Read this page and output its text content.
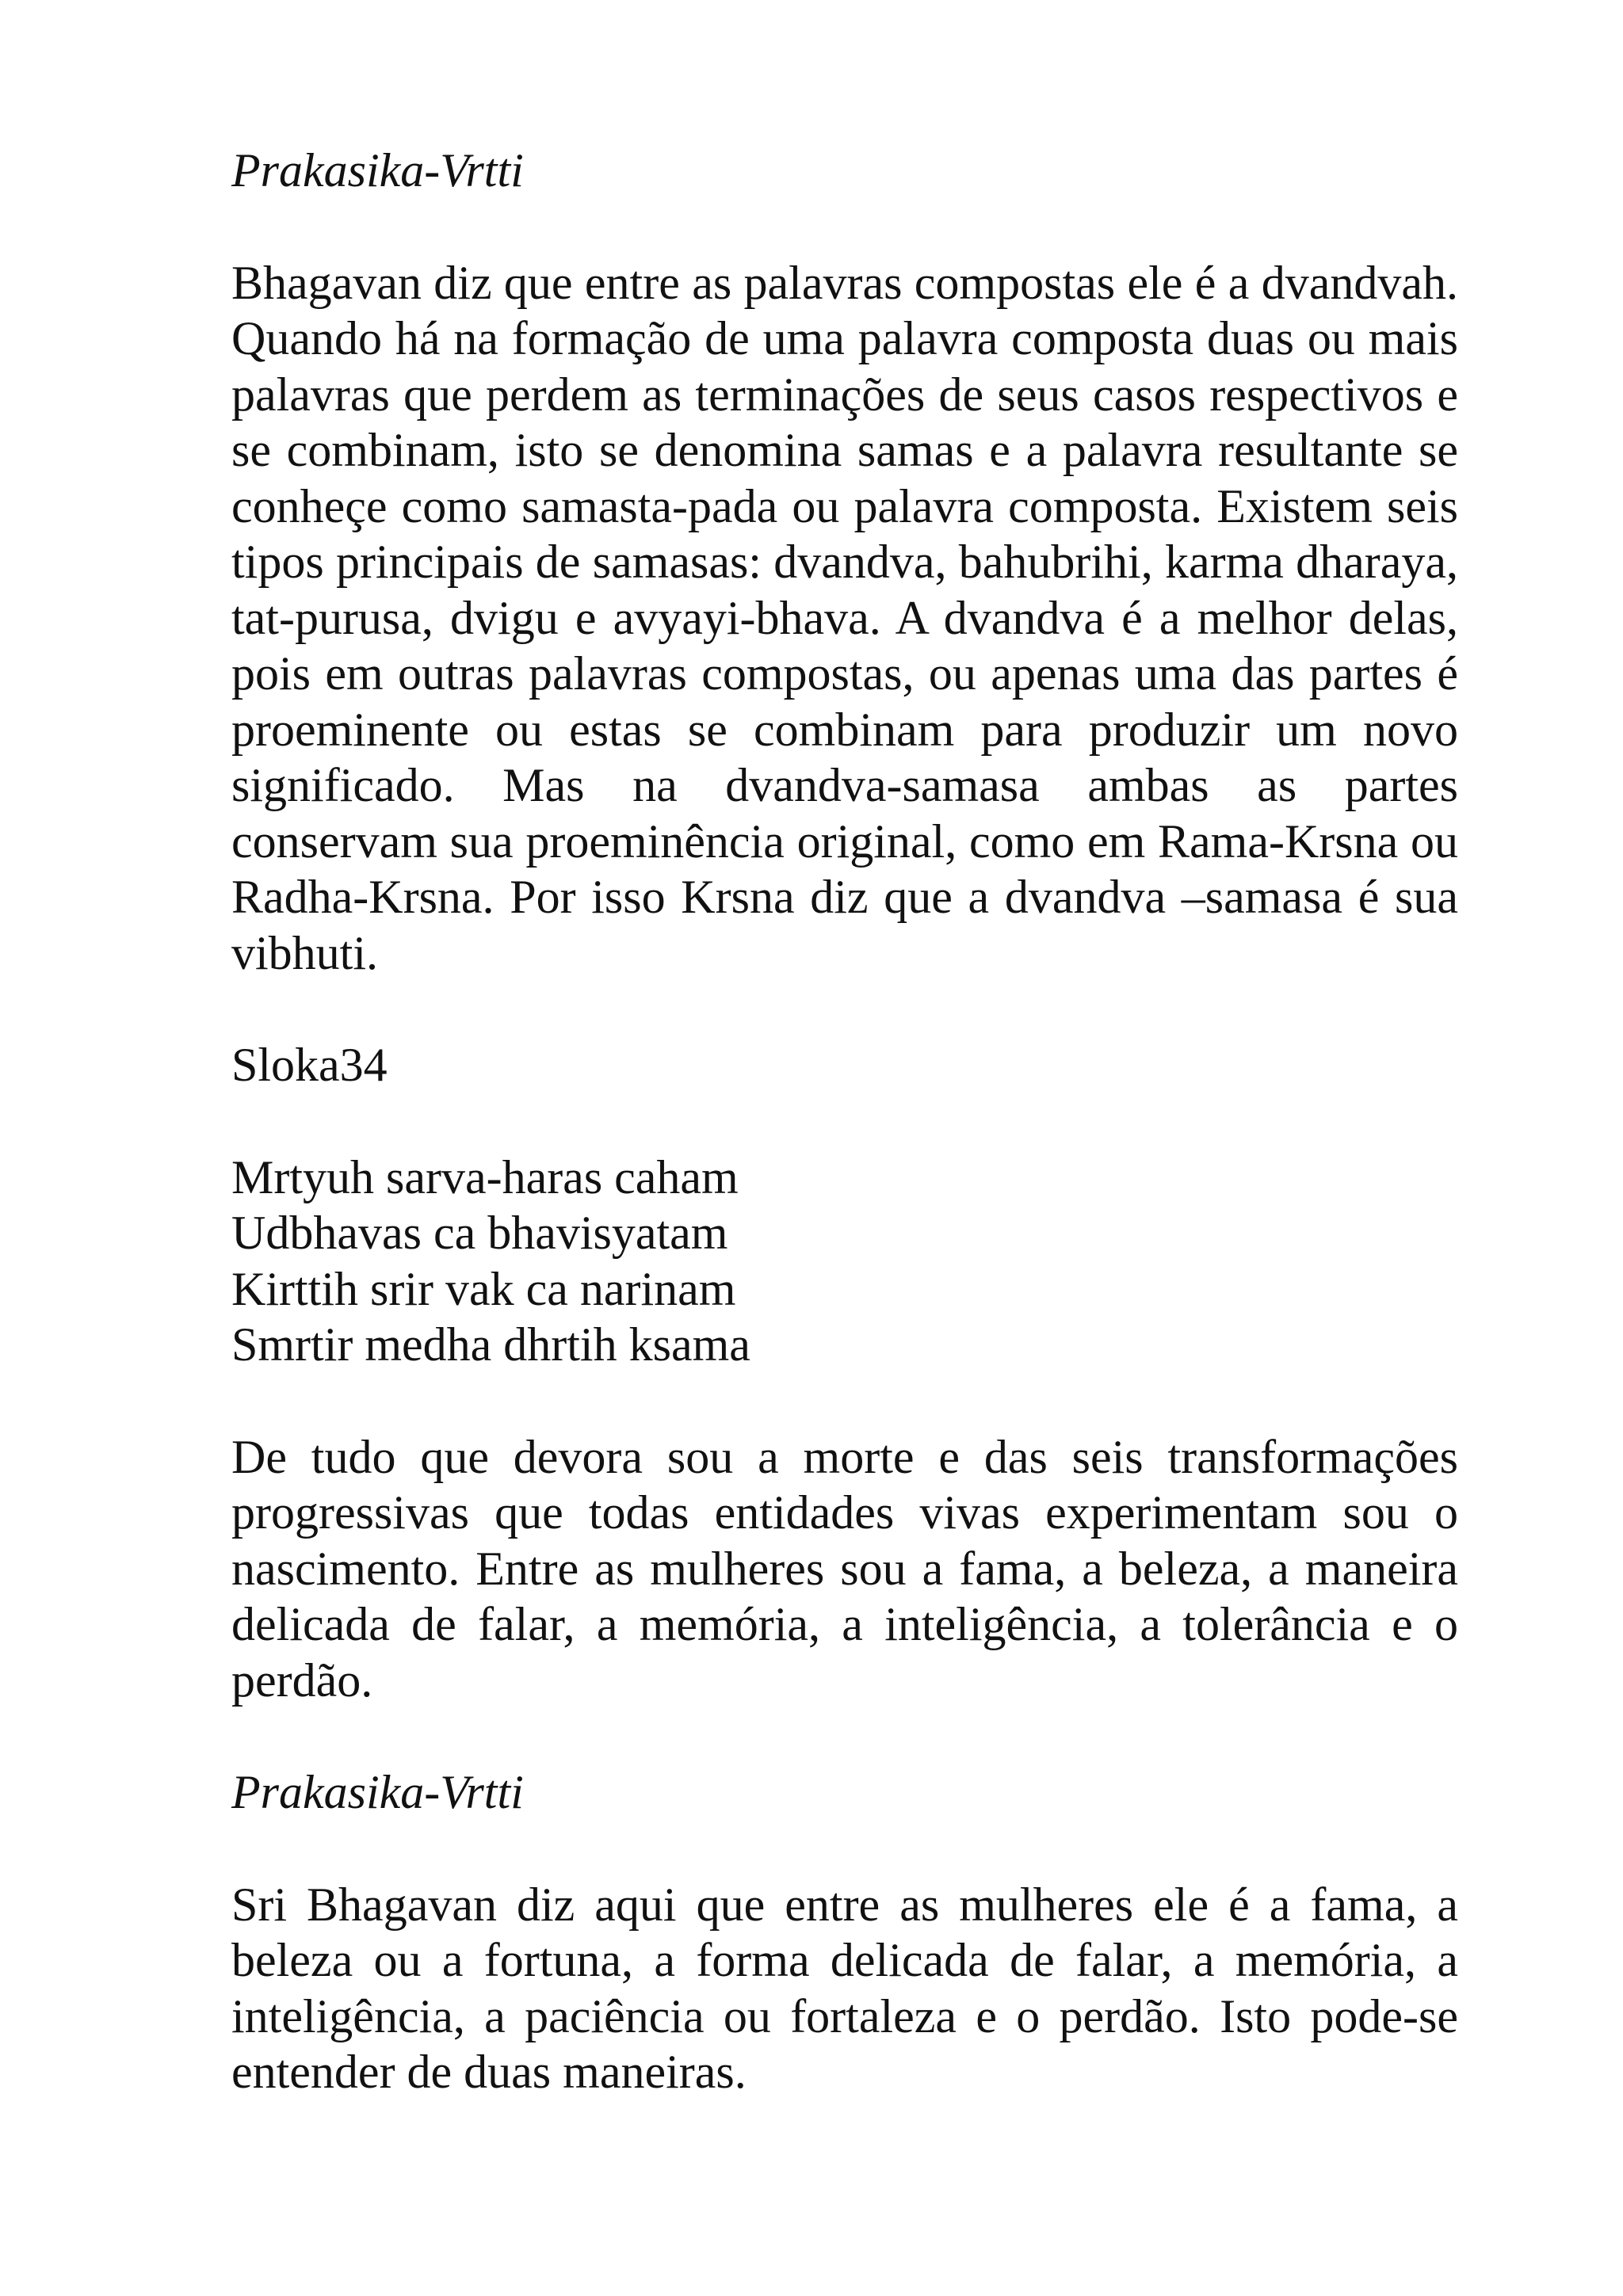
Prakasika-Vrtti

Bhagavan diz que entre as palavras compostas ele é a dvandvah. Quando há na formação de uma palavra composta duas ou mais palavras que perdem as terminações de seus casos respectivos e se combinam, isto se denomina samas e a palavra resultante se conheçe como samasta-pada ou palavra composta. Existem seis tipos principais de samasas: dvandva, bahubrihi, karma dharaya, tat-purusa, dvigu e avyayi-bhava. A dvandva é a melhor delas, pois em outras palavras compostas, ou apenas uma das partes é proeminente ou estas se combinam para produzir um novo significado. Mas na dvandva-samasa ambas as partes conservam sua proeminência original, como em Rama-Krsna ou Radha-Krsna. Por isso Krsna diz que a dvandva –samasa é sua vibhuti.

Sloka34

Mrtyuh sarva-haras caham
Udbhavas ca bhavisyatam
Kirttih srir vak ca narinam
Smrtir medha dhrtih ksama

De tudo que devora sou a morte e das seis transformações progressivas que todas entidades vivas experimentam sou o nascimento. Entre as mulheres sou a fama, a beleza, a maneira delicada de falar, a memória, a inteligência, a tolerância e o perdão.

Prakasika-Vrtti

Sri Bhagavan diz aqui que entre as mulheres ele é a fama, a beleza ou a fortuna, a forma delicada de falar, a memória, a inteligência, a paciência ou fortaleza e o perdão. Isto pode-se entender de duas maneiras.
